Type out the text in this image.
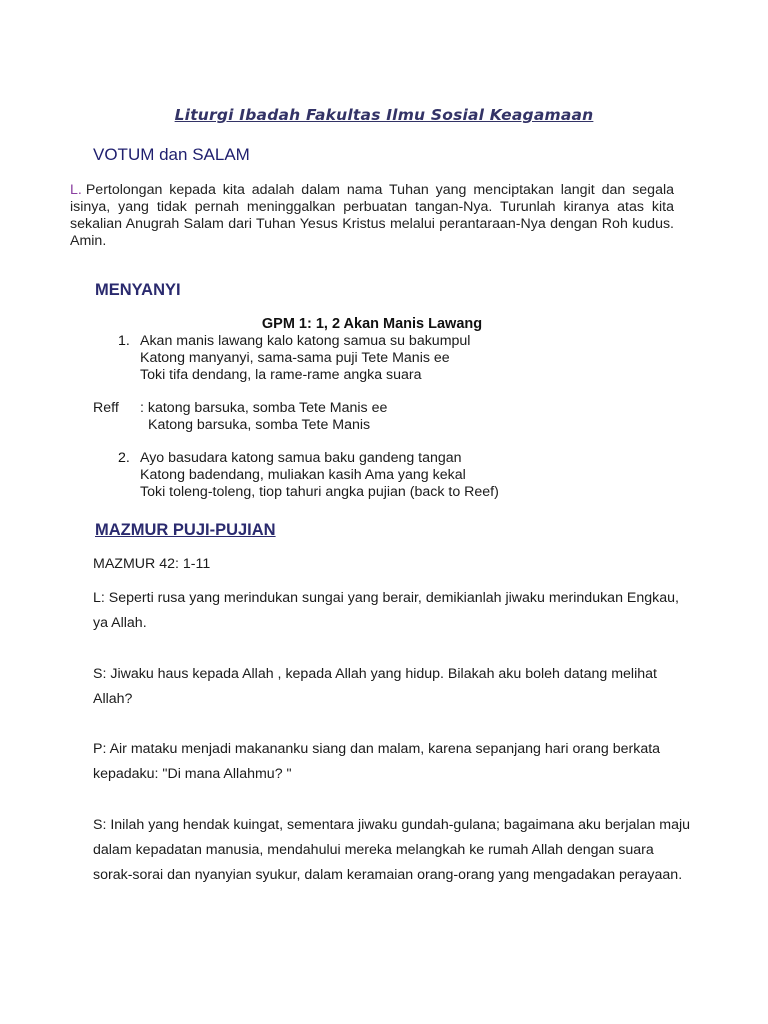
Liturgi Ibadah Fakultas Ilmu Sosial Keagamaan
VOTUM dan SALAM
L. Pertolongan kepada kita adalah dalam nama Tuhan yang menciptakan langit dan segala isinya, yang tidak pernah meninggalkan perbuatan tangan-Nya. Turunlah kiranya atas kita sekalian Anugrah Salam dari Tuhan Yesus Kristus melalui perantaraan-Nya dengan Roh kudus. Amin.
MENYANYI
GPM 1: 1, 2 Akan Manis Lawang
1. Akan manis lawang kalo katong samua su bakumpul
Katong manyanyi, sama-sama puji Tete Manis ee
Toki tifa dendang, la rame-rame angka suara
Reff : katong barsuka, somba Tete Manis ee
Katong barsuka, somba Tete Manis
2. Ayo basudara katong samua baku gandeng tangan
Katong badendang, muliakan kasih Ama yang kekal
Toki toleng-toleng, tiop tahuri angka pujian (back to Reef)
MAZMUR PUJI-PUJIAN
MAZMUR 42: 1-11
L: Seperti rusa yang merindukan sungai yang berair, demikianlah jiwaku merindukan Engkau, ya Allah.
S: Jiwaku haus kepada Allah , kepada Allah yang hidup. Bilakah aku boleh datang melihat Allah?
P: Air mataku menjadi makananku siang dan malam, karena sepanjang hari orang berkata kepadaku: "Di mana Allahmu? "
S: Inilah yang hendak kuingat, sementara jiwaku gundah-gulana; bagaimana aku berjalan maju dalam kepadatan manusia, mendahului mereka melangkah ke rumah Allah dengan suara sorak-sorai dan nyanyian syukur, dalam keramaian orang-orang yang mengadakan perayaan.
